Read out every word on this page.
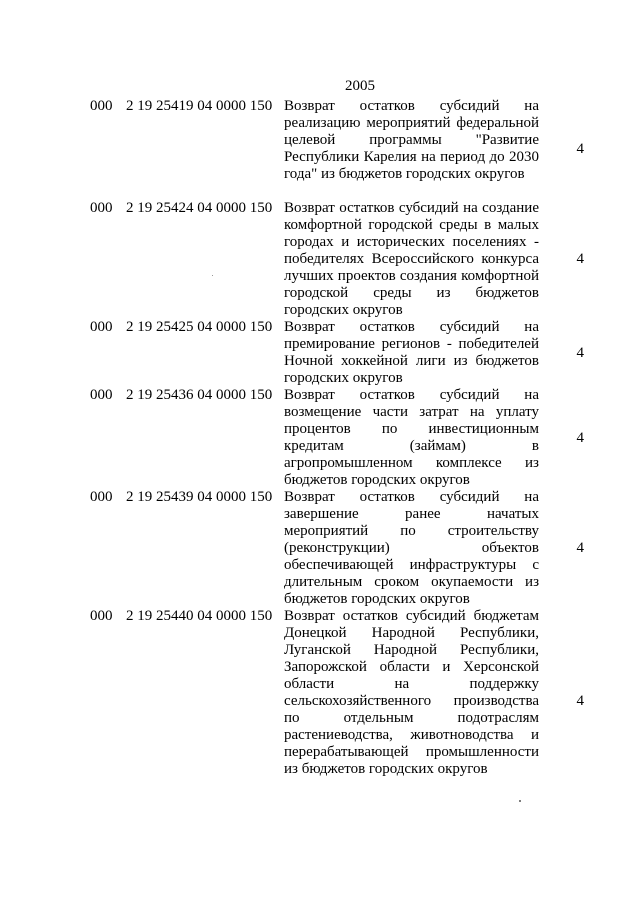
2005
000 2 19 25419 04 0000 150 Возврат остатков субсидий на реализацию мероприятий федеральной целевой программы "Развитие Республики Карелия на период до 2030 года" из бюджетов городских округов
4
000 2 19 25424 04 0000 150 Возврат остатков субсидий на создание комфортной городской среды в малых городах и исторических поселениях - победителях Всероссийского конкурса лучших проектов создания комфортной городской среды из бюджетов городских округов
4
000 2 19 25425 04 0000 150 Возврат остатков субсидий на премирование регионов - победителей Ночной хоккейной лиги из бюджетов городских округов
4
000 2 19 25436 04 0000 150 Возврат остатков субсидий на возмещение части затрат на уплату процентов по инвестиционным кредитам (займам) в агропромышленном комплексе из бюджетов городских округов
4
000 2 19 25439 04 0000 150 Возврат остатков субсидий на завершение ранее начатых мероприятий по строительству (реконструкции) объектов обеспечивающей инфраструктуры с длительным сроком окупаемости из бюджетов городских округов
4
000 2 19 25440 04 0000 150 Возврат остатков субсидий бюджетам Донецкой Народной Республики, Луганской Народной Республики, Запорожской области и Херсонской области на поддержку сельскохозяйственного производства по отдельным подотраслям растениеводства, животноводства и перерабатывающей промышленности из бюджетов городских округов
4
